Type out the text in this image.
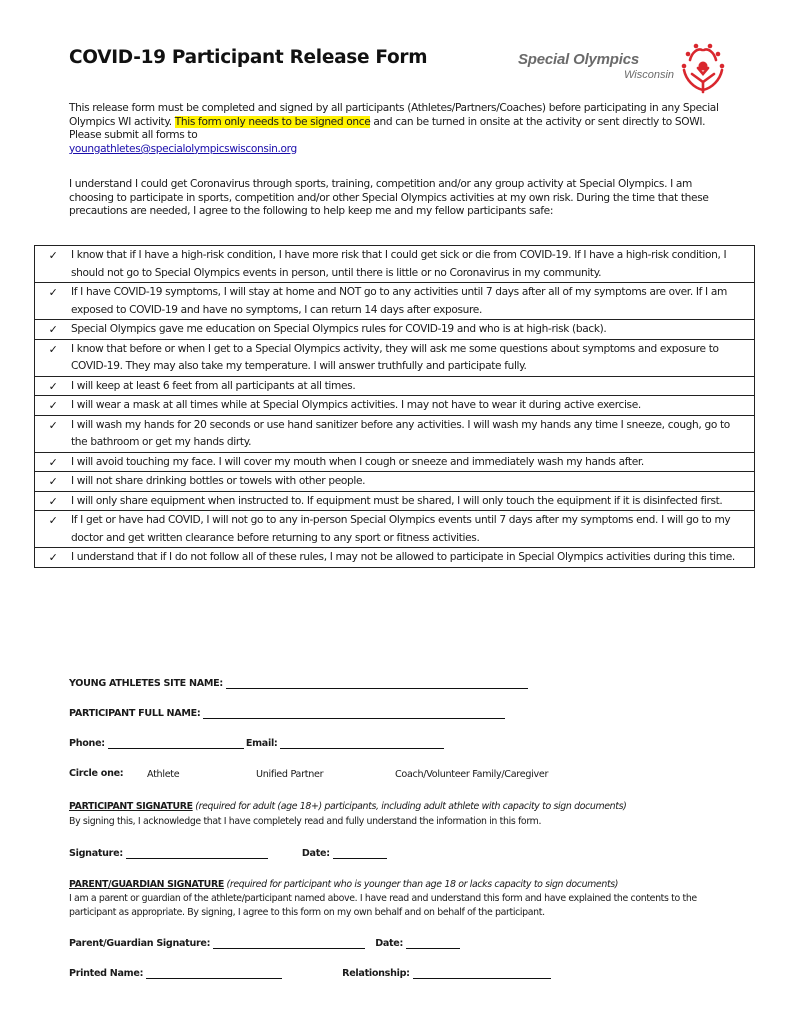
COVID-19 Participant Release Form	Special Olympics
Wisconsin
This release form must be completed and signed by all participants (Athletes/Partners/Coaches) before participating in any Special Olympics WI activity. This form only needs to be signed once and can be turned in onsite at the activity or sent directly to SOWI. Please submit all forms to
youngathletes@specialolympicswisconsin.org
I understand I could get Coronavirus through sports, training, competition and/or any group activity at Special Olympics. I am choosing to participate in sports, competition and/or other Special Olympics activities at my own risk. During the time that these precautions are needed, I agree to the following to help keep me and my fellow participants safe:
✓	I know that if I have a high-risk condition, I have more risk that I could get sick or die from COVID-19. If I have a high-risk condition, I should not go to Special Olympics events in person, until there is little or no Coronavirus in my community.
✓	If I have COVID-19 symptoms, I will stay at home and NOT go to any activities until 7 days after all of my symptoms are over. If I am exposed to COVID-19 and have no symptoms, I can return 14 days after exposure.
✓	Special Olympics gave me education on Special Olympics rules for COVID-19 and who is at high-risk (back).
✓	I know that before or when I get to a Special Olympics activity, they will ask me some questions about symptoms and exposure to COVID-19. They may also take my temperature. I will answer truthfully and participate fully.
✓	I will keep at least 6 feet from all participants at all times.
✓	I will wear a mask at all times while at Special Olympics activities. I may not have to wear it during active exercise.
✓	I will wash my hands for 20 seconds or use hand sanitizer before any activities. I will wash my hands any time I sneeze, cough, go to the bathroom or get my hands dirty.
✓	I will avoid touching my face. I will cover my mouth when I cough or sneeze and immediately wash my hands after.
✓	I will not share drinking bottles or towels with other people.
✓	I will only share equipment when instructed to. If equipment must be shared, I will only touch the equipment if it is disinfected first.
✓	If I get or have had COVID, I will not go to any in-person Special Olympics events until 7 days after my symptoms end. I will go to my doctor and get written clearance before returning to any sport or fitness activities.
✓	I understand that if I do not follow all of these rules, I may not be allowed to participate in Special Olympics activities during this time.
YOUNG ATHLETES SITE NAME:
PARTICIPANT FULL NAME:
Phone:	Email:
Circle one: Athlete	Unified Partner	Coach/Volunteer Family/Caregiver
PARTICIPANT SIGNATURE (required for adult (age 18+) participants, including adult athlete with capacity to sign documents)
By signing this, I acknowledge that I have completely read and fully understand the information in this form.
Signature:	Date:
PARENT/GUARDIAN SIGNATURE (required for participant who is younger than age 18 or lacks capacity to sign documents)
I am a parent or guardian of the athlete/participant named above. I have read and understand this form and have explained the contents to the participant as appropriate. By signing, I agree to this form on my own behalf and on behalf of the participant.
Parent/Guardian Signature:	Date:
Printed Name:	Relationship:
